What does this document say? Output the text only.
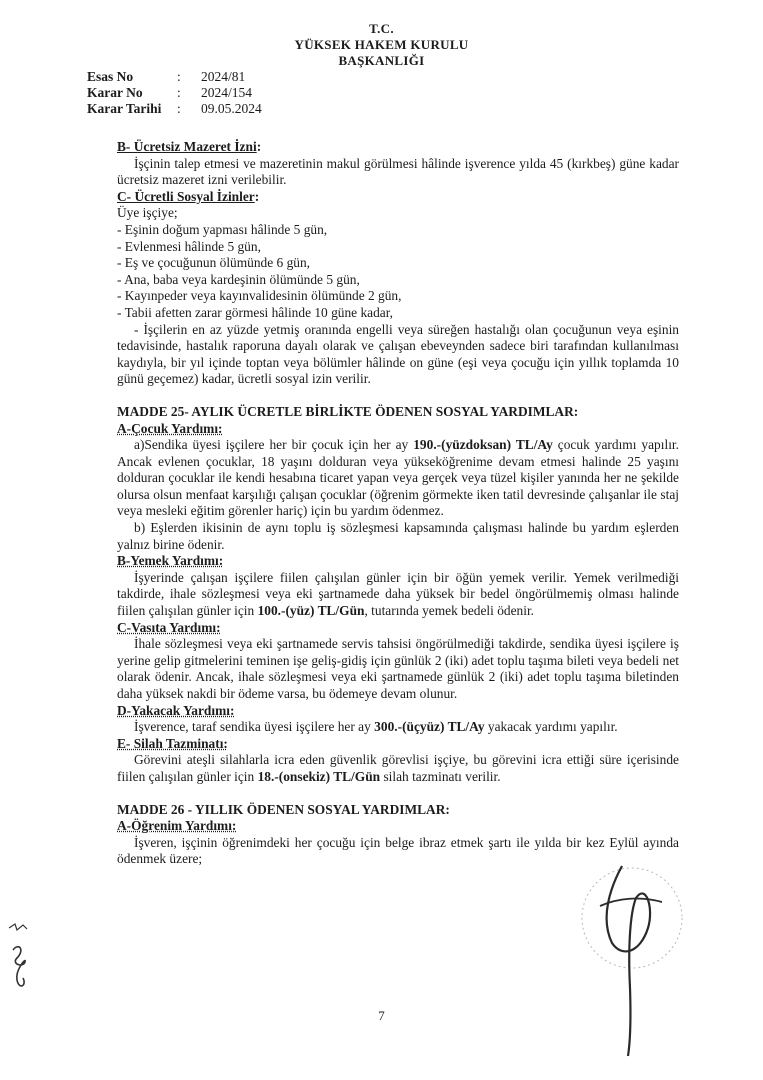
T.C.
YÜKSEK HAKEM KURULU
BAŞKANLIĞI
Esas No	:	2024/81
Karar No	:	2024/154
Karar Tarihi	:	09.05.2024

B- Ücretsiz Mazeret İzni:

İşçinin talep etmesi ve mazeretinin makul görülmesi hâlinde işverence yılda 45 (kırkbeş) güne kadar ücretsiz mazeret izni verilebilir.

C- Ücretli Sosyal İzinler:

Üye işçiye;

- Eşinin doğum yapması hâlinde 5 gün,

- Evlenmesi hâlinde 5 gün,

- Eş ve çocuğunun ölümünde 6 gün,

- Ana, baba veya kardeşinin ölümünde 5 gün,

- Kayınpeder veya kayınvalidesinin ölümünde 2 gün,

- Tabii afetten zarar görmesi hâlinde 10 güne kadar,

- İşçilerin en az yüzde yetmiş oranında engelli veya süreğen hastalığı olan çocuğunun veya eşinin tedavisinde, hastalık raporuna dayalı olarak ve çalışan ebeveynden sadece biri tarafından kullanılması kaydıyla, bir yıl içinde toptan veya bölümler hâlinde on güne (eşi veya çocuğu için yıllık toplamda 10 günü geçemez) kadar, ücretli sosyal izin verilir.

MADDE 25- AYLIK ÜCRETLE BİRLİKTE ÖDENEN SOSYAL YARDIMLAR:

A-Çocuk Yardımı:

a)Sendika üyesi işçilere her bir çocuk için her ay 190.-(yüzdoksan) TL/Ay çocuk yardımı yapılır. Ancak evlenen çocuklar, 18 yaşını dolduran veya yükseköğrenime devam etmesi halinde 25 yaşını dolduran çocuklar ile kendi hesabına ticaret yapan veya gerçek veya tüzel kişiler yanında her ne şekilde olursa olsun menfaat karşılığı çalışan çocuklar (öğrenim görmekte iken tatil devresinde çalışanlar ile staj veya mesleki eğitim görenler hariç) için bu yardım ödenmez.

b) Eşlerden ikisinin de aynı toplu iş sözleşmesi kapsamında çalışması halinde bu yardım eşlerden yalnız birine ödenir.

B-Yemek Yardımı:

İşyerinde çalışan işçilere fiilen çalışılan günler için bir öğün yemek verilir. Yemek verilmediği takdirde, ihale sözleşmesi veya eki şartnamede daha yüksek bir bedel öngörülmemiş olması halinde fiilen çalışılan günler için 100.-(yüz) TL/Gün, tutarında yemek bedeli ödenir.

C-Vasıta Yardımı:

İhale sözleşmesi veya eki şartnamede servis tahsisi öngörülmediği takdirde, sendika üyesi işçilere iş yerine gelip gitmelerini teminen işe geliş-gidiş için günlük 2 (iki) adet toplu taşıma bileti veya bedeli net olarak ödenir. Ancak, ihale sözleşmesi veya eki şartnamede günlük 2 (iki) adet toplu taşıma biletinden daha yüksek nakdi bir ödeme varsa, bu ödemeye devam olunur.

D-Yakacak Yardımı:

İşverence, taraf sendika üyesi işçilere her ay 300.-(üçyüz) TL/Ay yakacak yardımı yapılır.

E- Silah Tazminatı:

Görevini ateşli silahlarla icra eden güvenlik görevlisi işçiye, bu görevini icra ettiği süre içerisinde fiilen çalışılan günler için 18.-(onsekiz) TL/Gün silah tazminatı verilir.

MADDE 26 - YILLIK ÖDENEN SOSYAL YARDIMLAR:

A-Öğrenim Yardımı:

İşveren, işçinin öğrenimdeki her çocuğu için belge ibraz etmek şartı ile yılda bir kez Eylül ayında ödenmek üzere;

7
